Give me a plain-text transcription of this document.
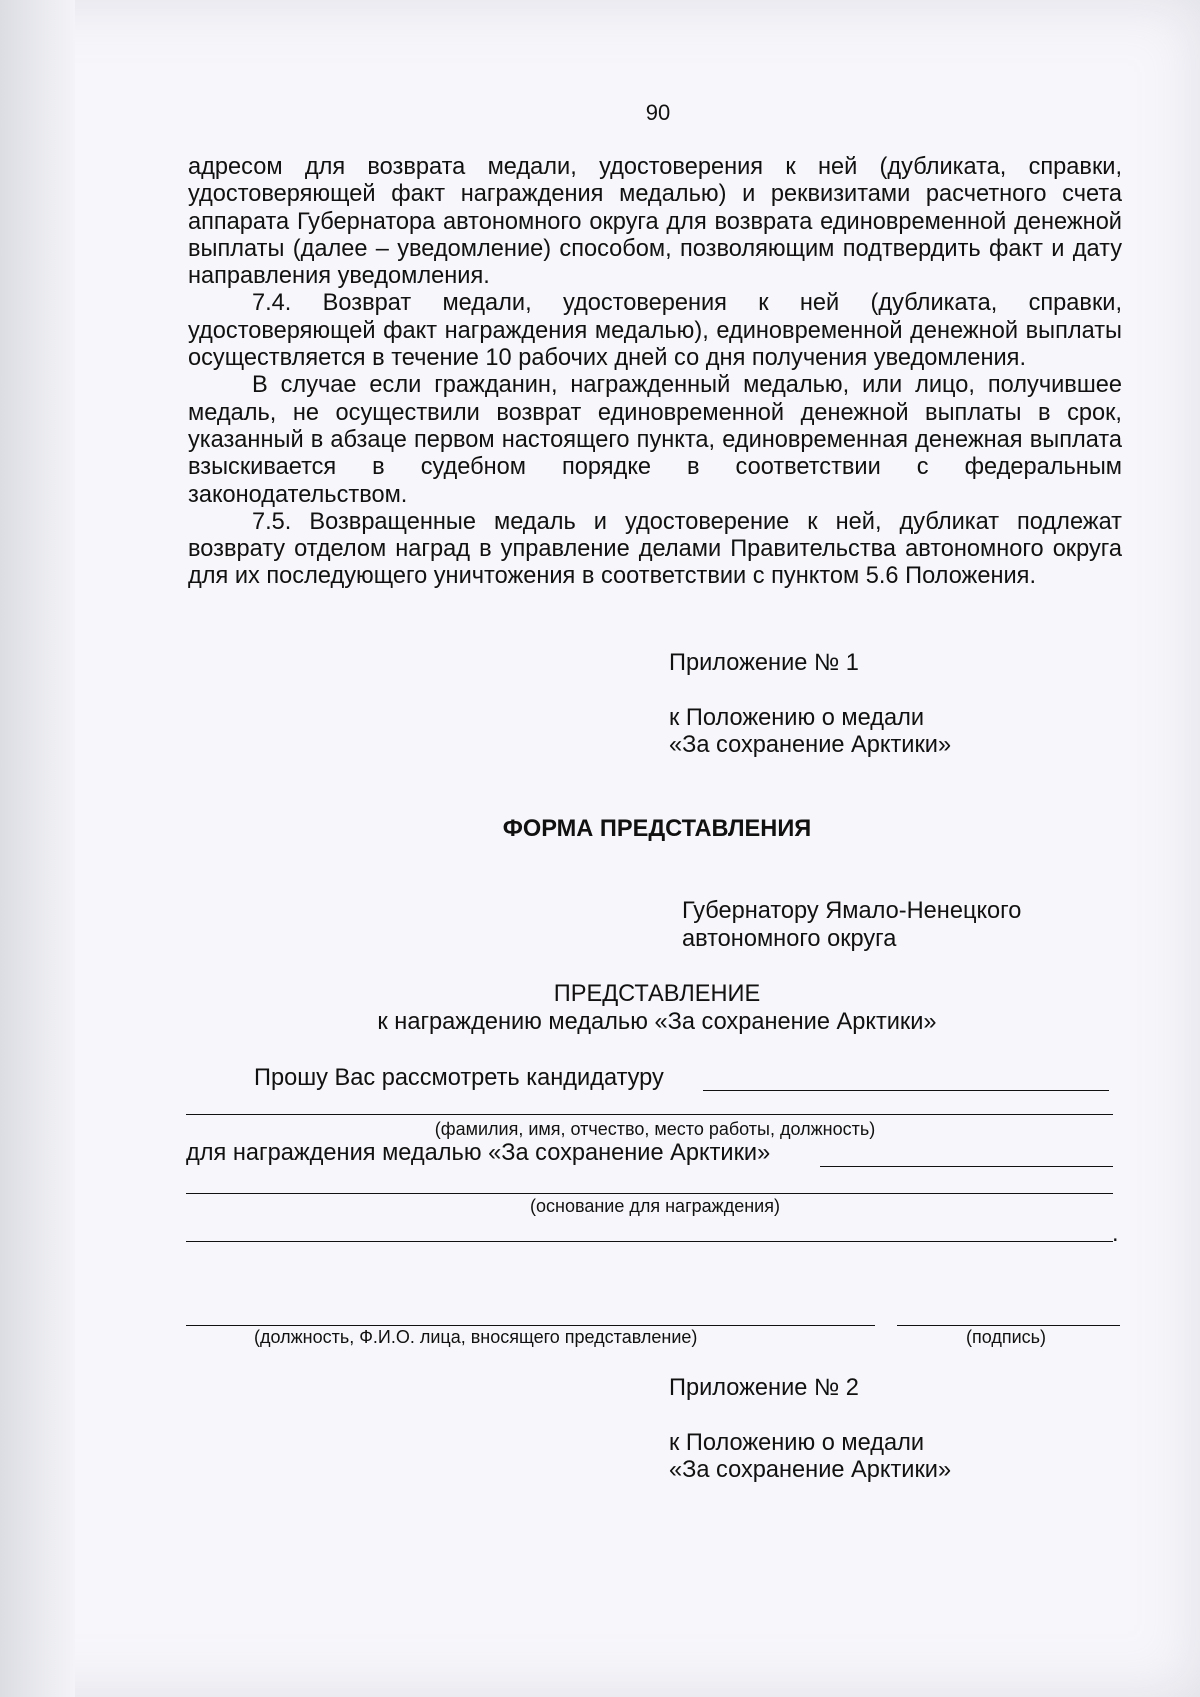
90

адресом для возврата медали, удостоверения к ней (дубликата, справки, удостоверяющей факт награждения медалью) и реквизитами расчетного счета аппарата Губернатора автономного округа для возврата единовременной денежной выплаты (далее – уведомление) способом, позволяющим подтвердить факт и дату направления уведомления.

7.4. Возврат медали, удостоверения к ней (дубликата, справки, удостоверяющей факт награждения медалью), единовременной денежной выплаты осуществляется в течение 10 рабочих дней со дня получения уведомления.

В случае если гражданин, награжденный медалью, или лицо, получившее медаль, не осуществили возврат единовременной денежной выплаты в срок, указанный в абзаце первом настоящего пункта, единовременная денежная выплата взыскивается в судебном порядке в соответствии с федеральным законодательством.

7.5. Возвращенные медаль и удостоверение к ней, дубликат подлежат возврату отделом наград в управление делами Правительства автономного округа для их последующего уничтожения в соответствии с пунктом 5.6 Положения.

Приложение № 1
к Положению о медали
«За сохранение Арктики»
ФОРМА ПРЕДСТАВЛЕНИЯ
Губернатору Ямало-Ненецкого
автономного округа
ПРЕДСТАВЛЕНИЕ
к награждению медалью «За сохранение Арктики»
Прошу Вас рассмотреть кандидатуру
(фамилия, имя, отчество, место работы, должность)
для награждения медалью «За сохранение Арктики»
(основание для награждения)
.
(должность, Ф.И.О. лица, вносящего представление)	(подпись)
Приложение № 2
к Положению о медали
«За сохранение Арктики»
